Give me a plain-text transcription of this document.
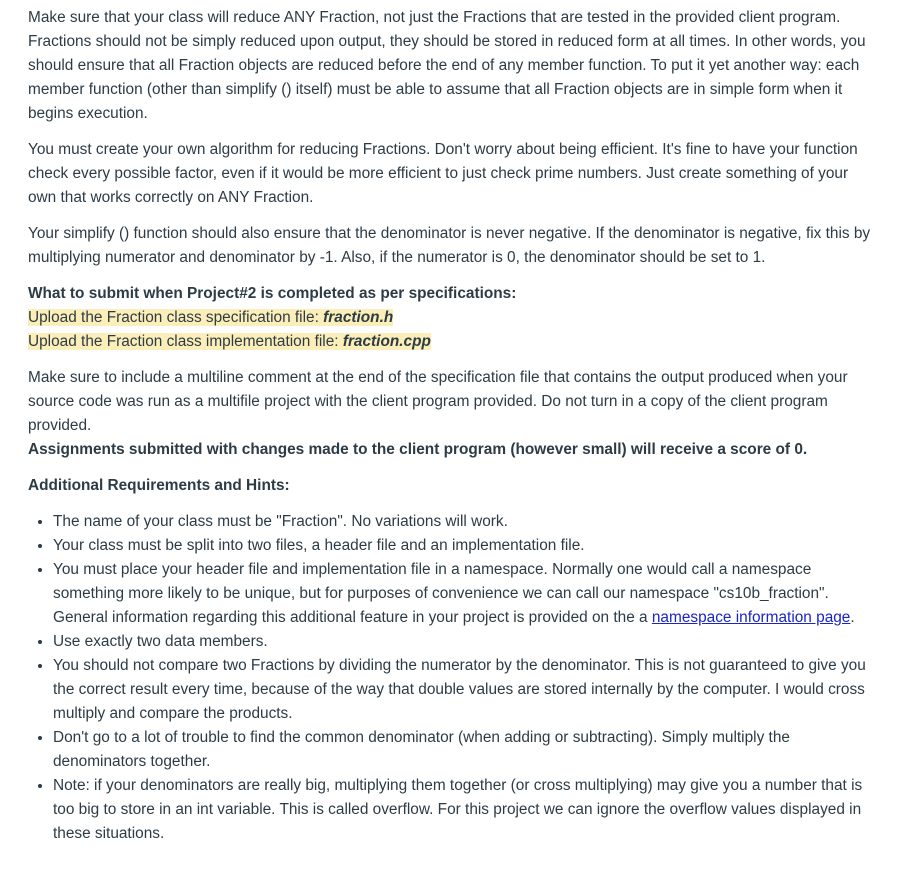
Make sure that your class will reduce ANY Fraction, not just the Fractions that are tested in the provided client program. Fractions should not be simply reduced upon output, they should be stored in reduced form at all times. In other words, you should ensure that all Fraction objects are reduced before the end of any member function. To put it yet another way: each member function (other than simplify () itself) must be able to assume that all Fraction objects are in simple form when it begins execution.

You must create your own algorithm for reducing Fractions. Don't worry about being efficient. It's fine to have your function check every possible factor, even if it would be more efficient to just check prime numbers. Just create something of your own that works correctly on ANY Fraction.

Your simplify () function should also ensure that the denominator is never negative. If the denominator is negative, fix this by multiplying numerator and denominator by -1. Also, if the numerator is 0, the denominator should be set to 1.

What to submit when Project#2 is completed as per specifications:
Upload the Fraction class specification file: fraction.h
Upload the Fraction class implementation file: fraction.cpp

Make sure to include a multiline comment at the end of the specification file that contains the output produced when your source code was run as a multifile project with the client program provided. Do not turn in a copy of the client program provided.
Assignments submitted with changes made to the client program (however small) will receive a score of 0.

Additional Requirements and Hints:

• The name of your class must be "Fraction". No variations will work.
• Your class must be split into two files, a header file and an implementation file.
• You must place your header file and implementation file in a namespace. Normally one would call a namespace something more likely to be unique, but for purposes of convenience we can call our namespace "cs10b_fraction". General information regarding this additional feature in your project is provided on the a namespace information page.
• Use exactly two data members.
• You should not compare two Fractions by dividing the numerator by the denominator. This is not guaranteed to give you the correct result every time, because of the way that double values are stored internally by the computer. I would cross multiply and compare the products.
• Don't go to a lot of trouble to find the common denominator (when adding or subtracting). Simply multiply the denominators together.
• Note: if your denominators are really big, multiplying them together (or cross multiplying) may give you a number that is too big to store in an int variable. This is called overflow. For this project we can ignore the overflow values displayed in these situations.
